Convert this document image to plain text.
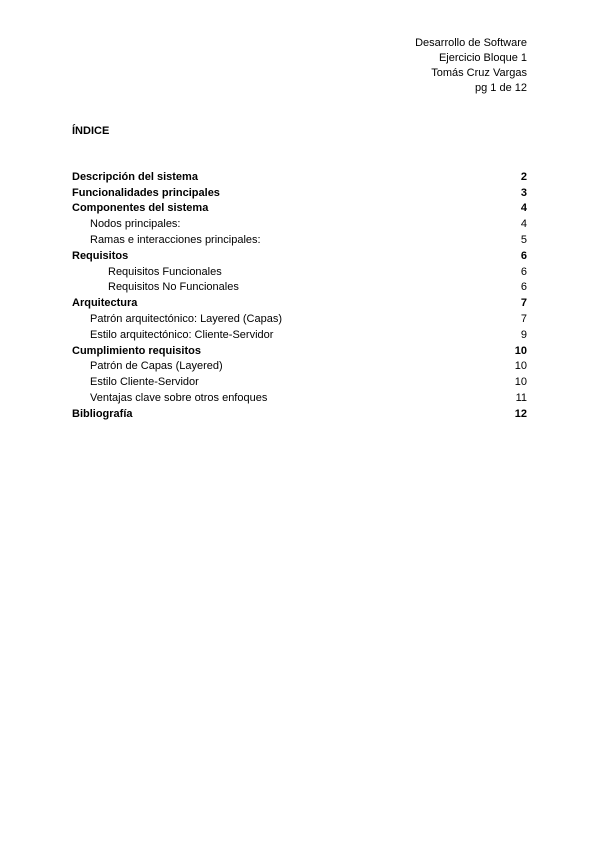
Desarrollo de Software
Ejercicio Bloque 1
Tomás Cruz Vargas
pg 1 de 12
ÍNDICE
Descripción del sistema	2
Funcionalidades principales	3
Componentes del sistema	4
Nodos principales:	4
Ramas e interacciones principales:	5
Requisitos	6
Requisitos Funcionales	6
Requisitos No Funcionales	6
Arquitectura	7
Patrón arquitectónico: Layered (Capas)	7
Estilo arquitectónico: Cliente-Servidor	9
Cumplimiento requisitos	10
Patrón de Capas (Layered)	10
Estilo Cliente-Servidor	10
Ventajas clave sobre otros enfoques	11
Bibliografía	12
